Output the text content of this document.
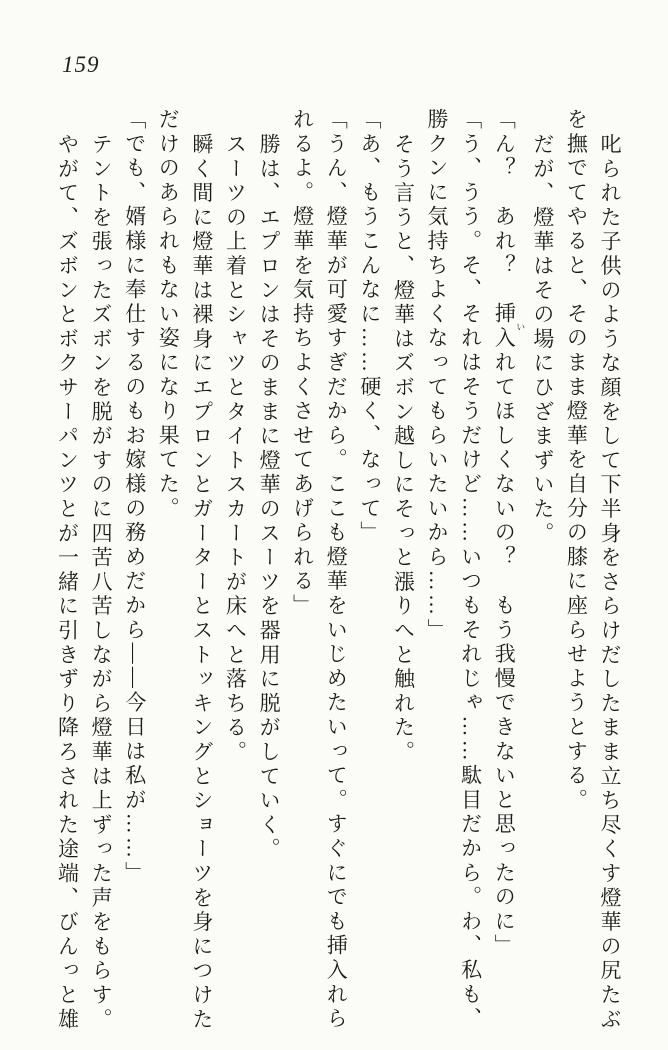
159
叱られた子供のような顔をして下半身をさらけだしたまま立ち尽くす燈華の尻たぶ
を撫でてやると、そのまま燈華を自分の膝に座らせようとする。
だが、燈華はその場にひざまずいた。
「ん？　あれ？　挿入 いれてほしくないの？　もう我慢できないと思ったのに」
「う、うう。そ、それはそうだけど……いつもそれじゃ……駄目だから。わ、私も、
勝クンに気持ちよくなってもらいたいから……」
そう言うと、燈華はズボン越しにそっと漲りへと触れた。
「あ、もうこんなに……硬く、なって」
「うん、燈華が可愛すぎだから。ここも燈華をいじめたいって。すぐにでも挿入れら
れるよ。燈華を気持ちよくさせてあげられる」
勝は、エプロンはそのままに燈華のスーツを器用に脱がしていく。
スーツの上着とシャツとタイトスカートが床へと落ちる。
瞬く間に燈華は裸身にエプロンとガーターとストッキングとショーツを身につけた
だけのあられもない姿になり果てた。
「でも、婿様に奉仕するのもお嫁様の務めだから――今日は私が……」
テントを張ったズボンを脱がすのに四苦八苦しながら燈華は上ずった声をもらす。
やがて、ズボンとボクサーパンツとが一緒に引きずり降ろされた途端、びんっと雄
